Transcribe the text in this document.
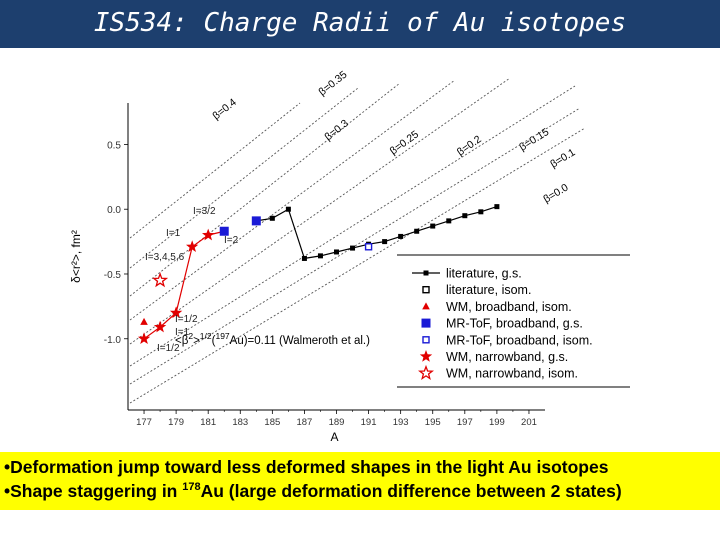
IS534: Charge Radii of Au isotopes
β=0.4
β=0.35
β=0.3	β=0.25	β=0.2	β=0.15
β=0.1
β=0.0
177 179 181 183 185 187 189 191 193 195 197 199 201
0.5
0.0
-0.5
-1.0
A
δ<r²>, fm²
I=3/2
I=1
I=2
I=3,4,5,6
I=1/2
I=1
I=1/2
literature, g.s.
literature, isom.
WM, broadband, isom.
MR-ToF, broadband, g.s.
MR-ToF, broadband, isom.
WM, narrowband, g.s.
WM, narrowband, isom.
$<\beta^2>^{1/2}(^{197}Au)=0.11$ (Walmeroth et al.)
•Deformation jump toward less deformed shapes in the light Au isotopes
•Shape staggering in $^{178}$Au (large deformation difference between 2 states)
